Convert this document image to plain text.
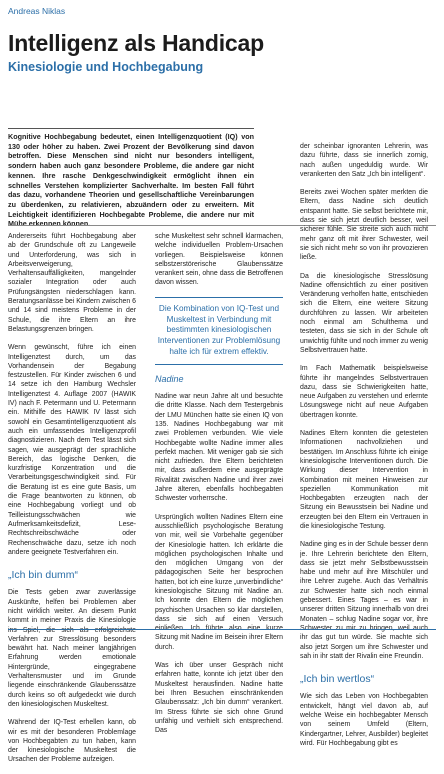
Andreas Niklas
Intelligenz als Handicap
Kinesiologie und Hochbegabung

Kognitive Hochbegabung bedeutet, einen Intelligenzquotient (IQ) von 130 oder höher zu haben. Zwei Prozent der Bevölkerung sind davon betroffen. Diese Menschen sind nicht nur besonders intelligent, sondern haben auch ganz besondere Probleme, die andere gar nicht kennen. Ihre rasche Denkgeschwindigkeit ermöglicht ihnen ein schnelles Verstehen komplizierter Sachverhalte. Im besten Fall führt das dazu, vorhandene Theorien und gesellschaftliche Vereinbarungen zu überdenken, zu relativieren, abzuändern oder zu erweitern. Mit Leichtigkeit identifizieren Hochbegabte Probleme, die andere nur mit Mühe erkennen können.

Andererseits führt Hochbegabung aber ab der Grundschule oft zu Langeweile und Unterforderung, was sich in Arbeitsverweigerung, Verhaltensauffälligkeiten, mangelnder sozialer Integration oder auch Prüfungsängsten niederschlagen kann. Beratungsanlässe bei Kindern zwischen 6 und 14 sind meistens Probleme in der Schule, die ihre Eltern an ihre Belastungsgrenzen bringen.

Wenn gewünscht, führe ich einen Intelligenztest durch, um das Vorhandensein der Begabung festzustellen. Für Kinder zwischen 6 und 14 setze ich den Hamburg Wechsler Intelligenztest 4. Auflage 2007 (HAWIK IV) nach F. Petermann und U. Petermann ein. Mithilfe des HAWIK IV lässt sich sowohl ein Gesamtintelligenzquotient als auch ein umfassendes Intelligenzprofil diagnostizieren. Nach dem Test lässt sich sagen, wie ausgeprägt der sprachliche Bereich, das logische Denken, die kurzfristige Konzentration und die Verarbeitungsgeschwindigkeit sind. Für die Beratung ist es eine gute Basis, um die Frage beantworten zu können, ob eine Hochbegabung vorliegt und ob Teilleistungsschwächen wie Aufmerksamkeitsdefizit, Lese-Rechtschreibschwäche oder Rechenschwäche dazu, setze ich noch andere geeignete Testverfahren ein.

„Ich bin dumm“

Die Tests geben zwar zuverlässige Auskünfte, helfen bei Problemen aber nicht wirklich weiter. An diesem Punkt kommt in meiner Praxis die Kinesiologie ins Spiel, die sich als erfolgreichste Verfahren zur Stresslösung besonders bewährt hat. Nach meiner langjährigen Erfahrung werden emotionale Hintergründe, eingegrabene Verhaltensmuster und im Grunde liegende einschränkende Glaubenssätze durch keins so oft aufgedeckt wie durch den kinesiologischen Muskeltest.

Während der IQ-Test erhellen kann, ob wir es mit der besonderen Problemlage von Hochbegabten zu tun haben, kann der kinesiologische Muskeltest die Ursachen der Probleme aufzeigen.

sche Muskeltest sehr schnell klarmachen, welche individuellen Problem-Ursachen vorliegen. Beispielsweise können selbstzerstörerische Glaubenssätze verankert sein, ohne dass die Betroffenen davon wissen.

Die Kombination von IQ-Test und Muskeltest in Verbindung mit bestimmten kinesiologischen Interventionen zur Problemlösung halte ich für extrem effektiv.
Nadine

Nadine war neun Jahre alt und besuchte die dritte Klasse. Nach dem Testergebnis der LMU München hatte sie einen IQ von 135. Nadines Hochbegabung war mit zwei Problemen verbunden. Wie viele Hochbegabte wollte Nadine immer alles perfekt machen. Mit weniger gab sie sich nicht zufrieden. Ihre Eltern berichteten mir, dass außerdem eine ausgeprägte Rivalität zwischen Nadine und ihrer zwei Jahre älteren, ebenfalls hochbegabten Schwester vorherrsche.

Ursprünglich wollten Nadines Eltern eine ausschließlich psychologische Beratung von mir, weil sie Vorbehalte gegenüber der Kinesiologie hatten. Ich erklärte die möglichen psychologischen Inhalte und den möglichen Umgang von der pädagogischen Seite her besprochen hatten, bot ich eine kurze „unverbindliche“ kinesiologische Sitzung mit Nadine an. Ich konnte den Eltern die möglichen psychischen Ursachen so klar darstellen, dass sie sich auf einen Versuch einließen. Ich führte also eine kurze Sitzung mit Nadine im Beisein ihrer Eltern durch.

Was ich über unser Gespräch nicht erfahren hatte, konnte ich jetzt über den Muskeltest herausfinden. Nadine hatte bei Ihren Besuchen einschränkenden Glaubenssatz: „Ich bin dumm“ verankert. Im Stress führte sie sich ohne Grund unfähig und verhielt sich entsprechend. Das

der scheinbar ignoranten Lehrerin, was dazu führte, dass sie innerlich zornig, nach außen ungeduldig wurde. Wir verankerten den Satz „Ich bin intelligent“.

Bereits zwei Wochen später merkten die Eltern, dass Nadine sich deutlich entspannt hatte. Sie selbst berichtete mir, dass sie sich jetzt deutlich besser, weil sicherer fühle. Sie streite sich auch nicht mehr ganz oft mit ihrer Schwester, weil sie sich nicht mehr so von ihr provozieren ließe.

Da die kinesiologische Stresslösung Nadine offensichtlich zu einer positiven Veränderung verholfen hatte, entschieden sich die Eltern, eine weitere Sitzung durchführen zu lassen. Wir arbeiteten noch einmal am Schulthema und testeten, dass sie sich in der Schule oft unwichtig fühlte und noch immer zu wenig Selbstvertrauen hatte.

Im Fach Mathematik beispielsweise führte ihr mangelndes Selbstvertrauen dazu, dass sie Schwierigkeiten hatte, neue Aufgaben zu verstehen und erlernte Lösungswege nicht auf neue Aufgaben übertragen konnte.

Nadines Eltern konnten die getesteten Informationen nachvollziehen und bestätigen. Im Anschluss führte ich einige kinesiologische Interventionen durch. Die Wirkung dieser Intervention in Kombination mit meinen Hinweisen zur speziellen Kommunikation mit Hochbegabten erzeugten nach der Sitzung ein Bewusstsein bei Nadine und erzeugten bei den Eltern ein Vertrauen in die kinesiologische Testung.

Nadine ging es in der Schule besser denn je. Ihre Lehrerin berichtete den Eltern, dass sie jetzt mehr Selbstbewusstsein habe und mehr auf ihre Mitschüler und ihre Lehrer zugehe. Auch das Verhältnis zur Schwester hatte sich noch einmal gebessert. Eines Tages – es war in unserer dritten Sitzung innerhalb von drei Monaten – schlug Nadine sogar vor, ihre Schwester zu mir zu bringen, weil auch ihr das gut tun würde. Sie machte sich also jetzt Sorgen um ihre Schwester und sah in ihr statt der Rivalin eine Freundin.

„Ich bin wertlos“

Wie sich das Leben von Hochbegabten entwickelt, hängt viel davon ab, auf welche Weise ein hochbegabter Mensch von seinem Umfeld (Eltern, Kindergartner, Lehrer, Ausbilder) begleitet wird. Für Hochbegabung gibt es
